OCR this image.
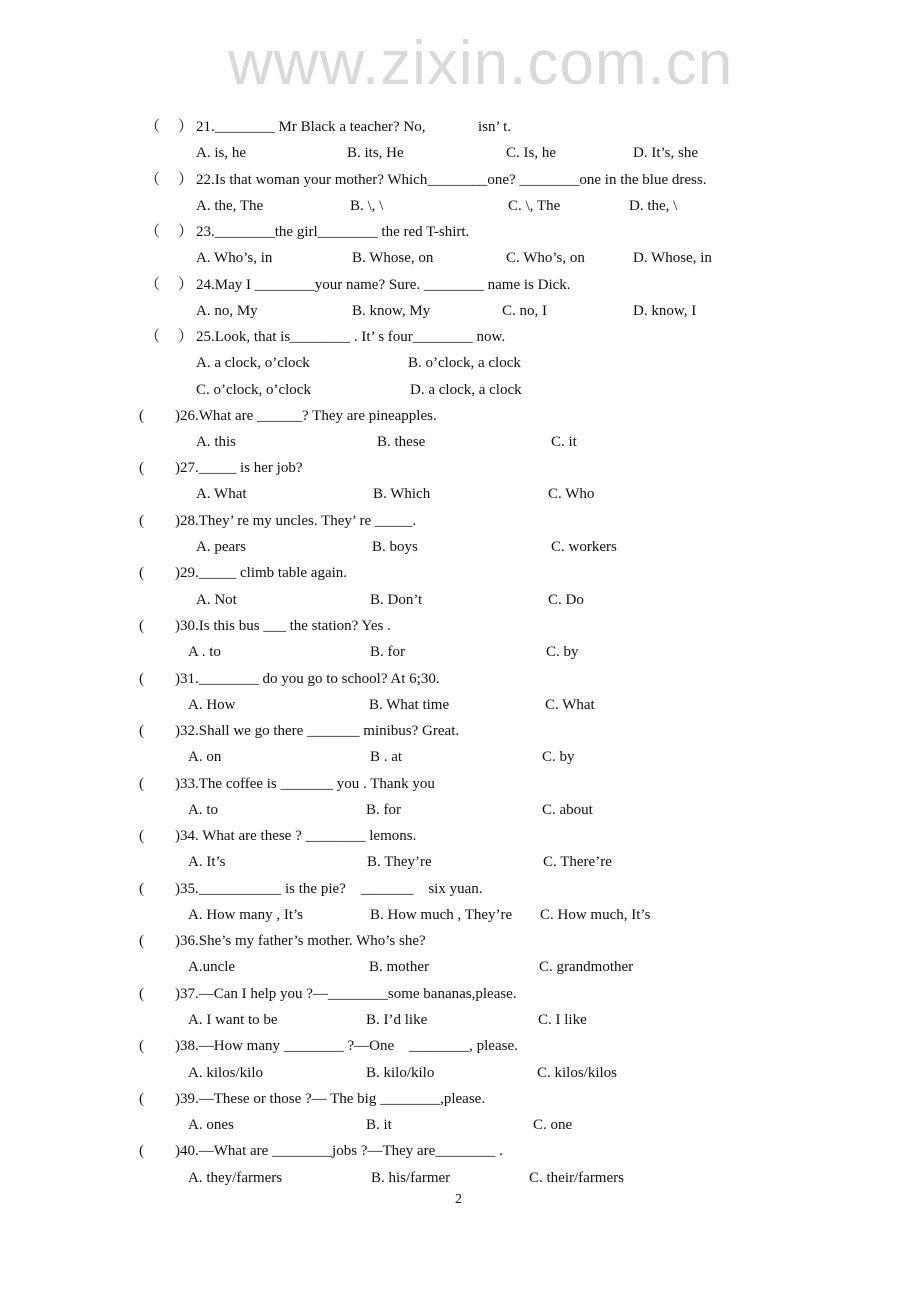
www.zixin.com.cn
（ ） 21.________ Mr Black a teacher? No,              isn’ t.
A. is, he	B. its, He	C. Is, he	D. It’s, she
（ ） 22.Is that woman your mother? Which________one? ________one in the blue dress.
A. the, The	B. \, \	C. \, The	D. the, \
（ ） 23.________the girl________ the red T-shirt.
A. Who’s, in	B. Whose, on	C. Who’s, on	D. Whose, in
（ ） 24.May I ________your name? Sure. ________ name is Dick.
A. no, My	B. know, My	C. no, I	D. know, I
（ ） 25.Look, that is________ . It’ s four________ now.
A. a clock, o’clock	B. o’clock, a clock
C. o’clock, o’clock	D. a clock, a clock
( )26.What are ______? They are pineapples.
A. this	B. these	C. it
( )27._____ is her job?
A. What	B. Which	C. Who
( )28.They’ re my uncles. They’ re _____.
A. pears	B. boys	C. workers
( )29._____ climb table again.
A. Not	B. Don’t	C. Do
( )30.Is this bus ___ the station? Yes .
A . to	B. for	C. by
( )31.________ do you go to school? At 6;30.
A. How	B. What time	C. What
( )32.Shall we go there _______ minibus? Great.
A. on	B . at	C. by
( )33.The coffee is _______ you . Thank you
A. to	B. for	C. about
( )34. What are these ? ________ lemons.
A. It’s	B. They’re	C. There’re
( )35.___________ is the pie?    _______    six yuan.
A. How many , It’s	B. How much , They’re C. How much, It’s
( )36.She’s my father’s mother. Who’s she?
A.uncle	B. mother	C. grandmother
( )37.—Can I help you ?—________some bananas,please.
A. I want to be	B. I’d like	C. I like
( )38.—How many ________ ?—One    ________, please.
A. kilos/kilo	B. kilo/kilo	C. kilos/kilos
( )39.—These or those ?— The big ________,please.
A. ones	B. it	C. one
( )40.—What are ________jobs ?—They are________ .
A. they/farmers	B. his/farmer	C. their/farmers
2
